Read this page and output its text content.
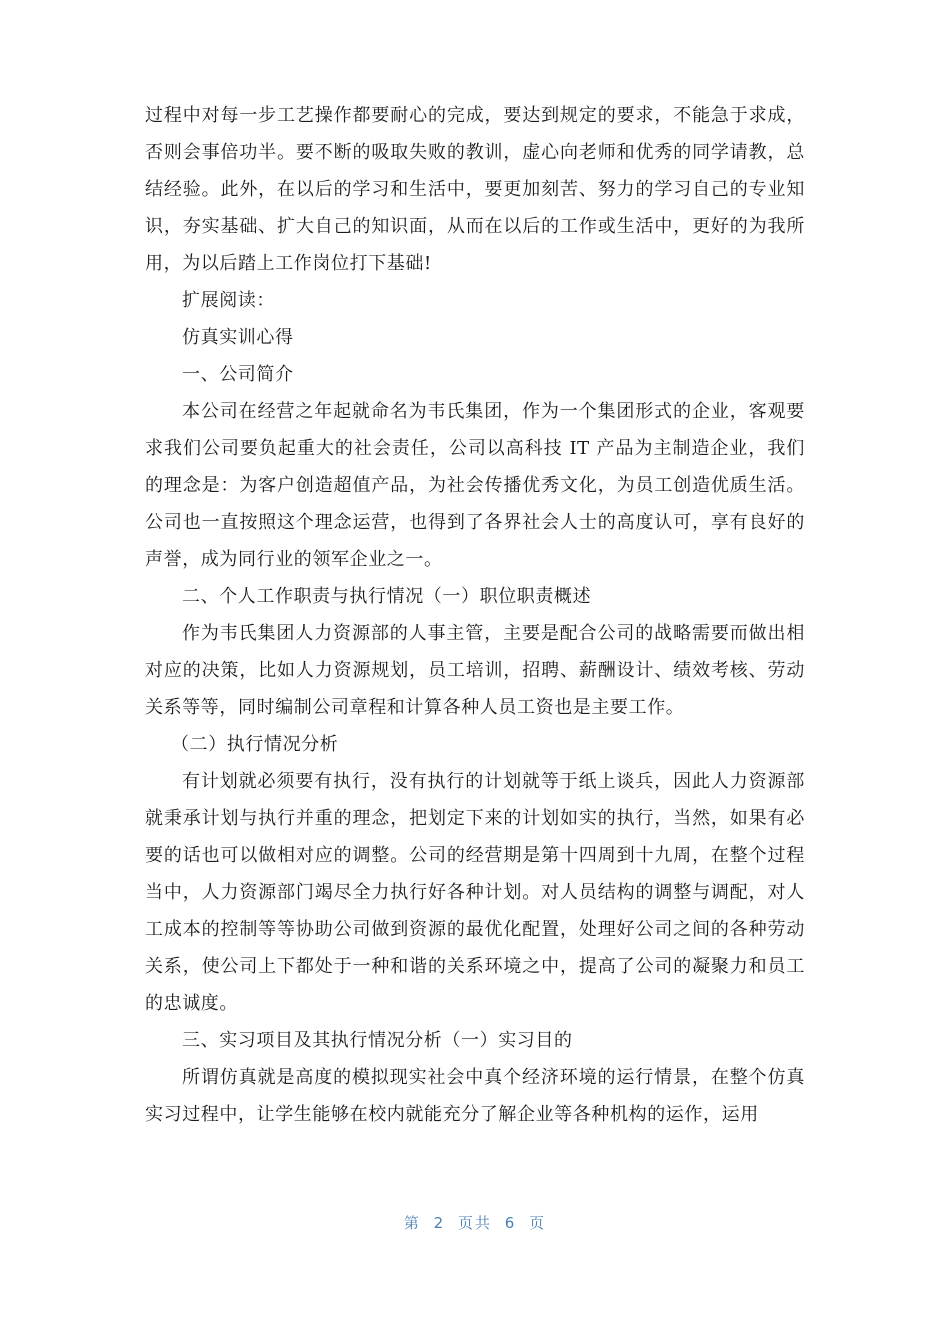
过程中对每一步工艺操作都要耐心的完成，要达到规定的要求，不能急于求成，否则会事倍功半。要不断的吸取失败的教训，虚心向老师和优秀的同学请教，总结经验。此外，在以后的学习和生活中，要更加刻苦、努力的学习自己的专业知识，夯实基础、扩大自己的知识面，从而在以后的工作或生活中，更好的为我所用，为以后踏上工作岗位打下基础!

扩展阅读：

仿真实训心得

一、公司简介

本公司在经营之年起就命名为韦氏集团，作为一个集团形式的企业，客观要求我们公司要负起重大的社会责任，公司以高科技 IT 产品为主制造企业，我们的理念是：为客户创造超值产品，为社会传播优秀文化，为员工创造优质生活。公司也一直按照这个理念运营，也得到了各界社会人士的高度认可，享有良好的声誉，成为同行业的领军企业之一。

二、个人工作职责与执行情况（一）职位职责概述

作为韦氏集团人力资源部的人事主管，主要是配合公司的战略需要而做出相对应的决策，比如人力资源规划，员工培训，招聘、薪酬设计、绩效考核、劳动关系等等，同时编制公司章程和计算各种人员工资也是主要工作。

（二）执行情况分析

有计划就必须要有执行，没有执行的计划就等于纸上谈兵，因此人力资源部就秉承计划与执行并重的理念，把划定下来的计划如实的执行，当然，如果有必要的话也可以做相对应的调整。公司的经营期是第十四周到十九周，在整个过程当中，人力资源部门竭尽全力执行好各种计划。对人员结构的调整与调配，对人工成本的控制等等协助公司做到资源的最优化配置，处理好公司之间的各种劳动关系，使公司上下都处于一种和谐的关系环境之中，提高了公司的凝聚力和员工的忠诚度。

三、实习项目及其执行情况分析（一）实习目的

所谓仿真就是高度的模拟现实社会中真个经济环境的运行情景，在整个仿真实习过程中，让学生能够在校内就能充分了解企业等各种机构的运作，运用

第 2 页共 6 页
